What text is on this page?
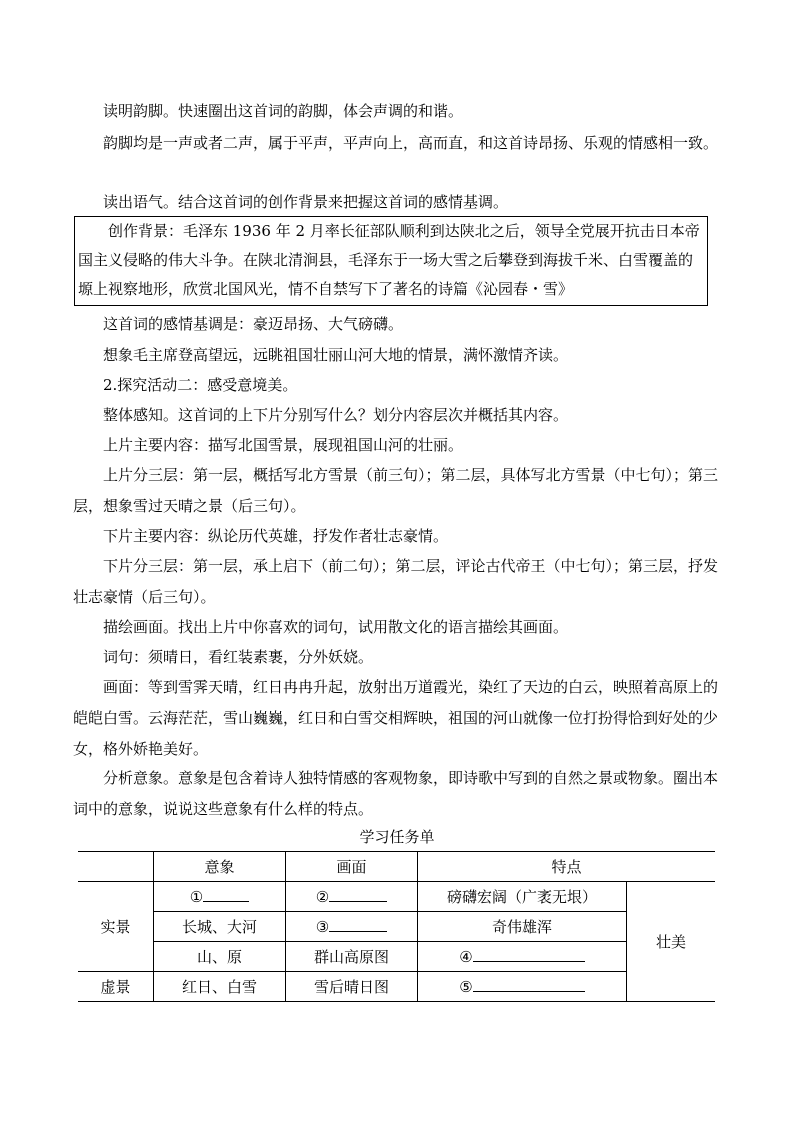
读明韵脚。快速圈出这首词的韵脚，体会声调的和谐。

韵脚均是一声或者二声，属于平声，平声向上，高而直，和这首诗昂扬、乐观的情感相一致。

读出语气。结合这首词的创作背景来把握这首词的感情基调。

创作背景：毛泽东 1936 年 2 月率长征部队顺利到达陕北之后，领导全党展开抗击日本帝国主义侵略的伟大斗争。在陕北清涧县，毛泽东于一场大雪之后攀登到海拔千米、白雪覆盖的塬上视察地形，欣赏北国风光，情不自禁写下了著名的诗篇《沁园春・雪》

这首词的感情基调是：豪迈昂扬、大气磅礴。

想象毛主席登高望远，远眺祖国壮丽山河大地的情景，满怀激情齐读。

2.探究活动二：感受意境美。

整体感知。这首词的上下片分别写什么？划分内容层次并概括其内容。

上片主要内容：描写北国雪景，展现祖国山河的壮丽。

上片分三层：第一层，概括写北方雪景（前三句）；第二层，具体写北方雪景（中七句）；第三层，想象雪过天晴之景（后三句）。

下片主要内容：纵论历代英雄，抒发作者壮志豪情。

下片分三层：第一层，承上启下（前二句）；第二层，评论古代帝王（中七句）；第三层，抒发壮志豪情（后三句）。

描绘画面。找出上片中你喜欢的词句，试用散文化的语言描绘其画面。

词句：须晴日，看红装素裹，分外妖娆。

画面：等到雪霁天晴，红日冉冉升起，放射出万道霞光，染红了天边的白云，映照着高原上的皑皑白雪。云海茫茫，雪山巍巍，红日和白雪交相辉映，祖国的河山就像一位打扮得恰到好处的少女，格外娇艳美好。

分析意象。意象是包含着诗人独特情感的客观物象，即诗歌中写到的自然之景或物象。圈出本词中的意象，说说这些意象有什么样的特点。

学习任务单
	意象	画面	特点	
实景	①	②	磅礴宏阔（广袤无垠）	壮美
	长城、大河	③	奇伟雄浑	
	山、原	群山高原图	④	
虚景	红日、白雪	雪后晴日图	⑤	
